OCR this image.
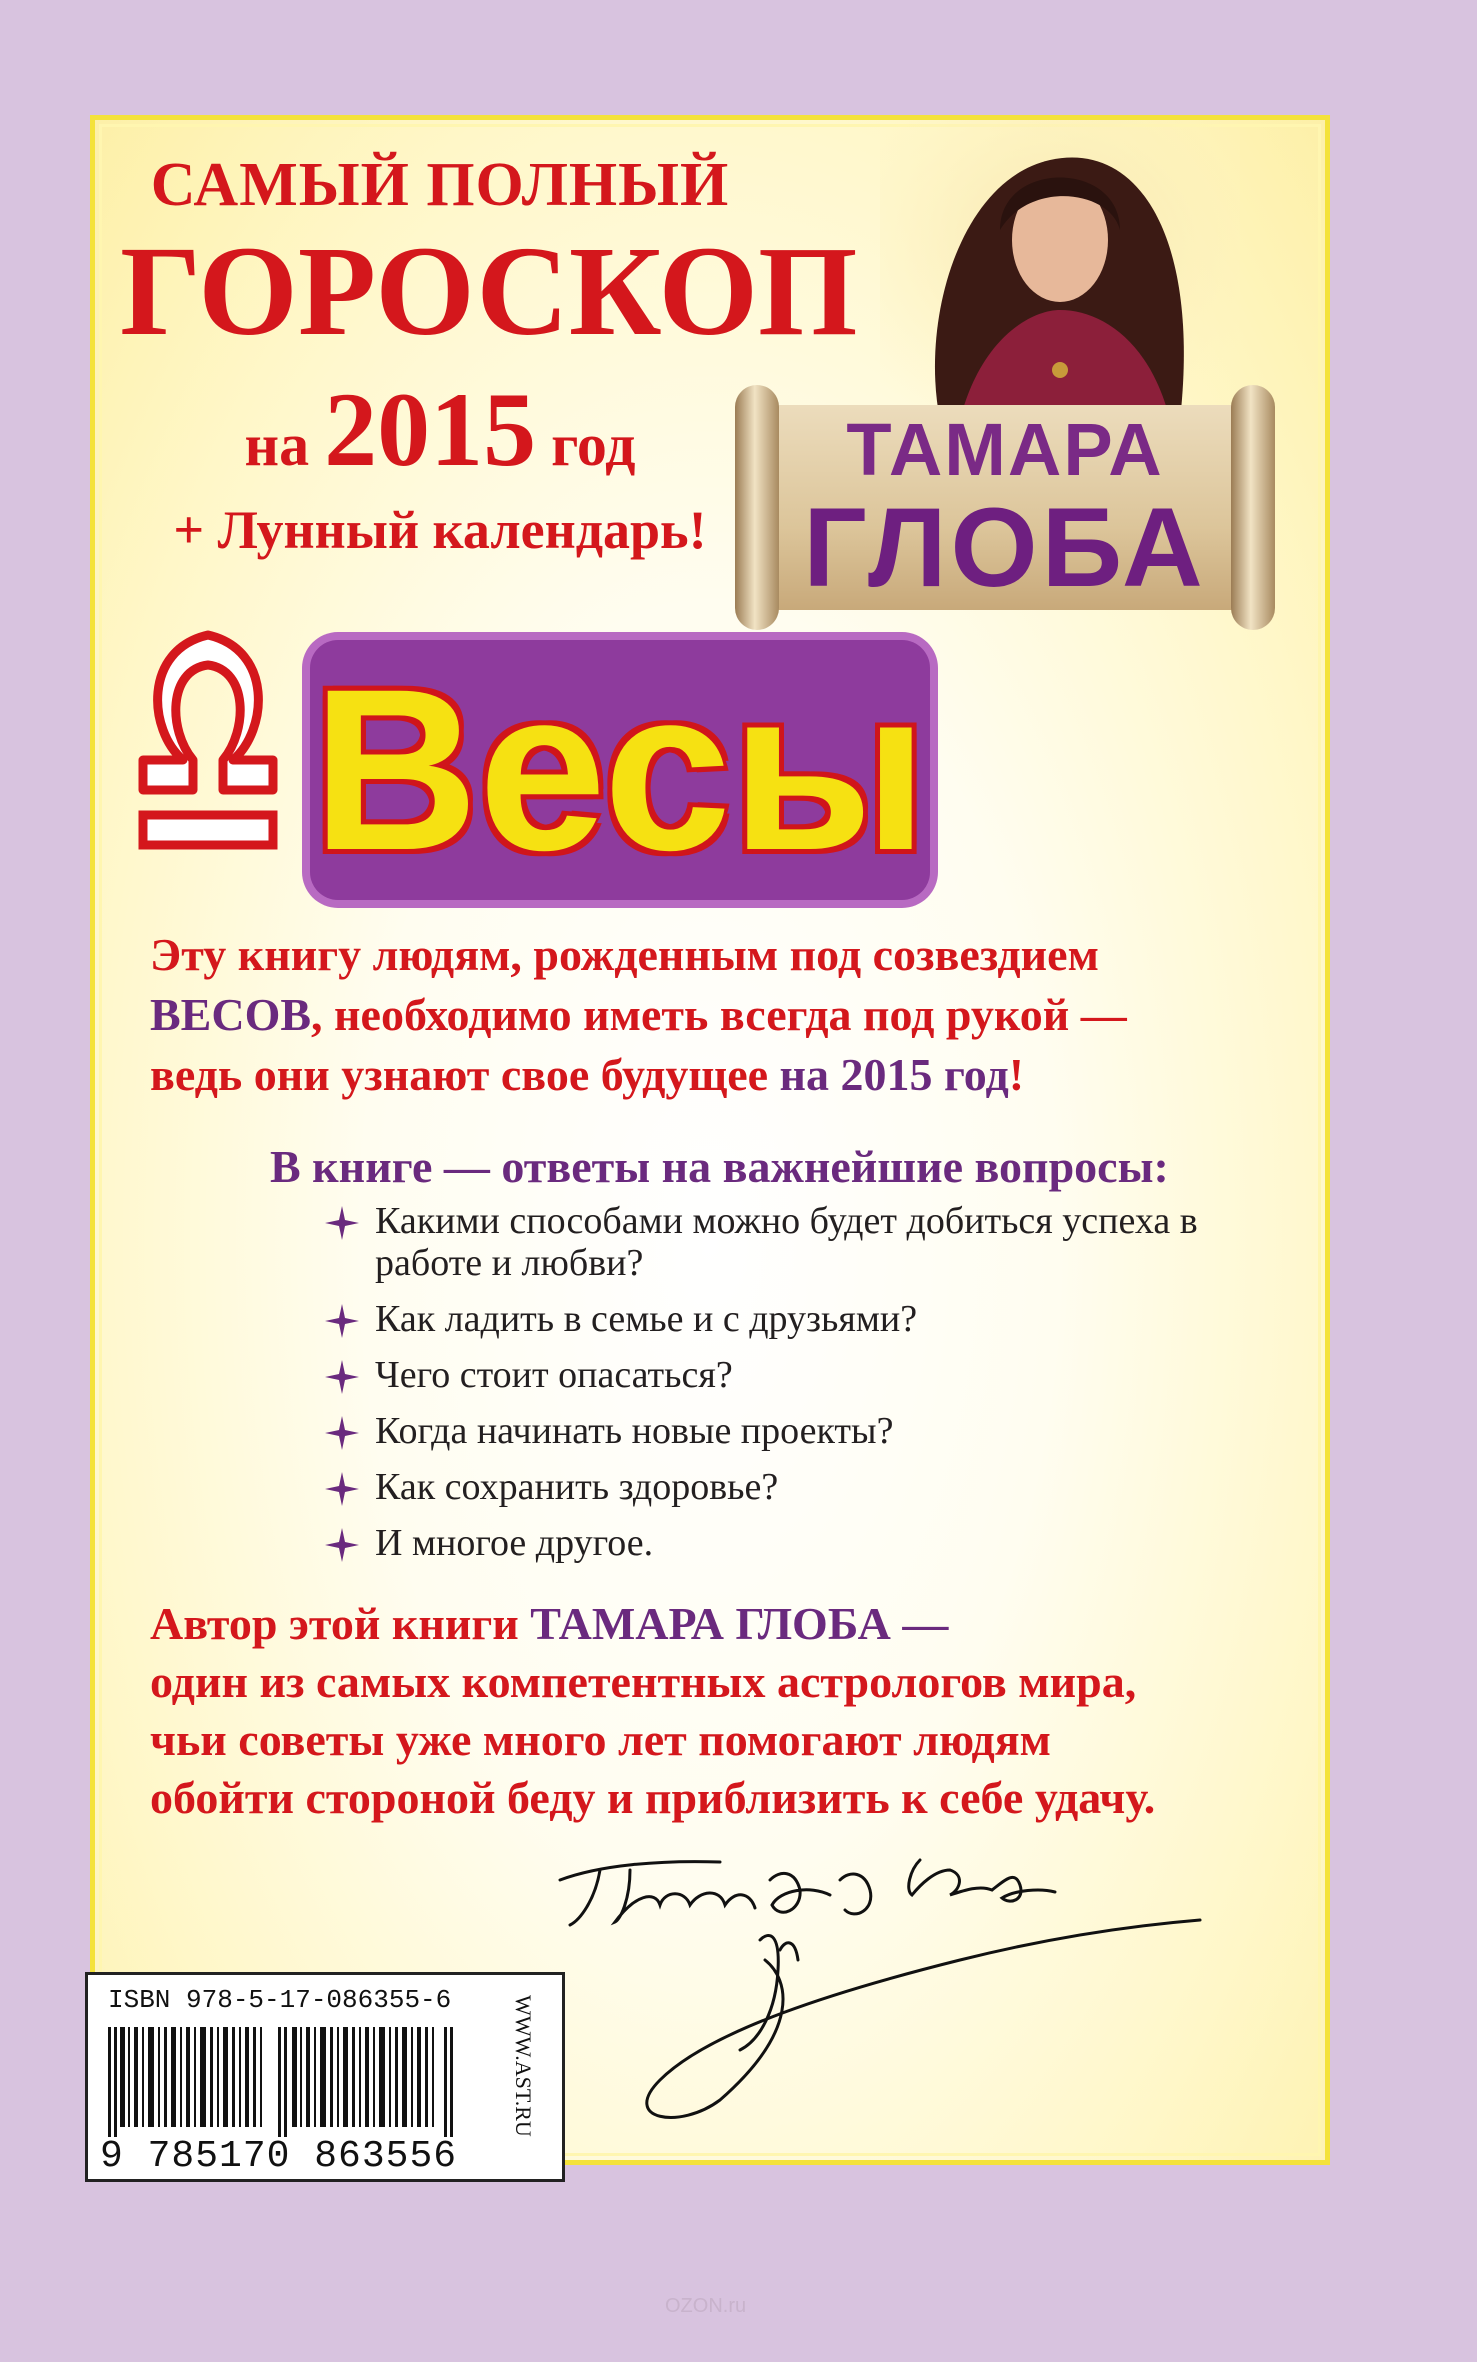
САМЫЙ ПОЛНЫЙ
ГОРОСКОП
на 2015 год
+ Лунный календарь!
ТАМАРА
ГЛОБА
Весы
Эту книгу людям, рожденным под созвездием
ВЕСОВ, необходимо иметь всегда под рукой —
ведь они узнают свое будущее на 2015 год!
В книге — ответы на важнейшие вопросы:
Какими способами можно будет добиться успеха в работе и любви?
Как ладить в семье и с друзьями?
Чего стоит опасаться?
Когда начинать новые проекты?
Как сохранить здоровье?
И многое другое.
Автор этой книги ТАМАРА ГЛОБА —
один из самых компетентных астрологов мира,
чьи советы уже много лет помогают людям
обойти стороной беду и приблизить к себе удачу.
ISBN 978-5-17-086355-6
9 785170 863556
WWW.AST.RU
OZON.ru
